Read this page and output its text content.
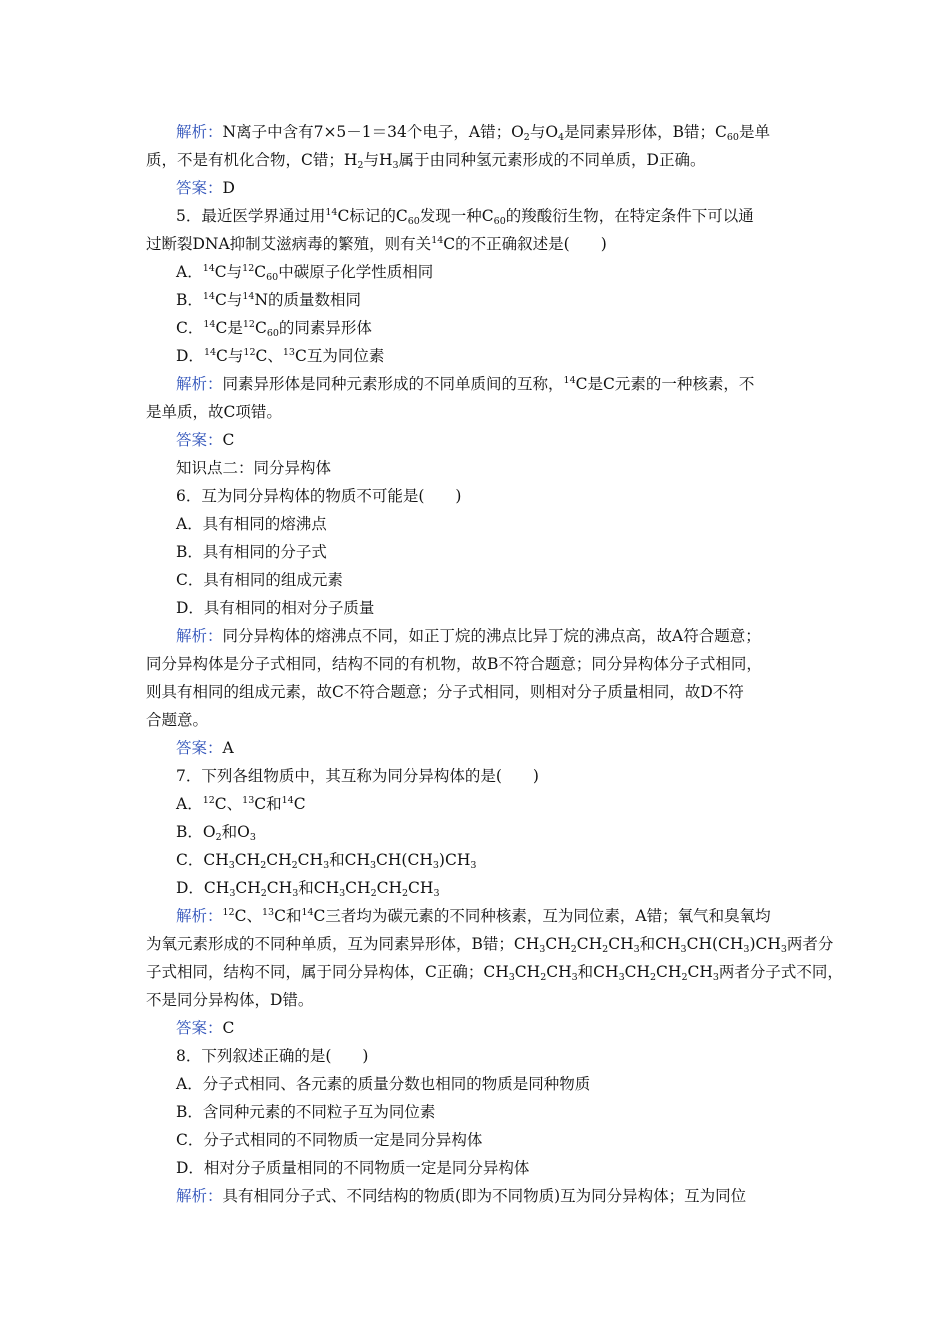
解析：N离子中含有7×5－1＝34个电子，A错；$O_2$与$O_4$是同素异形体，B错；$C_{60}$是单
质，不是有机化合物，C错；$H_2$与$H_3$属于由同种氢元素形成的不同单质，D正确。
答案：D
5．最近医学界通过用$^{14}$C标记的$C_{60}$发现一种$C_{60}$的羧酸衍生物，在特定条件下可以通
过断裂DNA抑制艾滋病毒的繁殖，则有关$^{14}$C的不正确叙述是(　　)
A．$^{14}$C与$^{12}C_{60}$中碳原子化学性质相同
B．$^{14}$C与$^{14}$N的质量数相同
C．$^{14}$C是$^{12}C_{60}$的同素异形体
D．$^{14}$C与$^{12}$C、$^{13}$C互为同位素
解析：同素异形体是同种元素形成的不同单质间的互称，$^{14}$C是C元素的一种核素，不
是单质，故C项错。
答案：C
知识点二：同分异构体
6．互为同分异构体的物质不可能是(　　)
A．具有相同的熔沸点
B．具有相同的分子式
C．具有相同的组成元素
D．具有相同的相对分子质量
解析：同分异构体的熔沸点不同，如正丁烷的沸点比异丁烷的沸点高，故A符合题意；
同分异构体是分子式相同，结构不同的有机物，故B不符合题意；同分异构体分子式相同，
则具有相同的组成元素，故C不符合题意；分子式相同，则相对分子质量相同，故D不符
合题意。
答案：A
7．下列各组物质中，其互称为同分异构体的是(　　)
A．$^{12}$C、$^{13}$C和$^{14}$C
B．$O_2$和$O_3$
C．$CH_3CH_2CH_2CH_3$和$CH_3CH(CH_3)CH_3$
D．$CH_3CH_2CH_3$和$CH_3CH_2CH_2CH_3$
解析：$^{12}$C、$^{13}$C和$^{14}$C三者均为碳元素的不同种核素，互为同位素，A错；氧气和臭氧均
为氧元素形成的不同种单质，互为同素异形体，B错；$CH_3CH_2CH_2CH_3$和$CH_3CH(CH_3)CH_3$两者分
子式相同，结构不同，属于同分异构体，C正确；$CH_3CH_2CH_3$和$CH_3CH_2CH_2CH_3$两者分子式不同，
不是同分异构体，D错。
答案：C
8．下列叙述正确的是(　　)
A．分子式相同、各元素的质量分数也相同的物质是同种物质
B．含同种元素的不同粒子互为同位素
C．分子式相同的不同物质一定是同分异构体
D．相对分子质量相同的不同物质一定是同分异构体
解析：具有相同分子式、不同结构的物质(即为不同物质)互为同分异构体；互为同位
